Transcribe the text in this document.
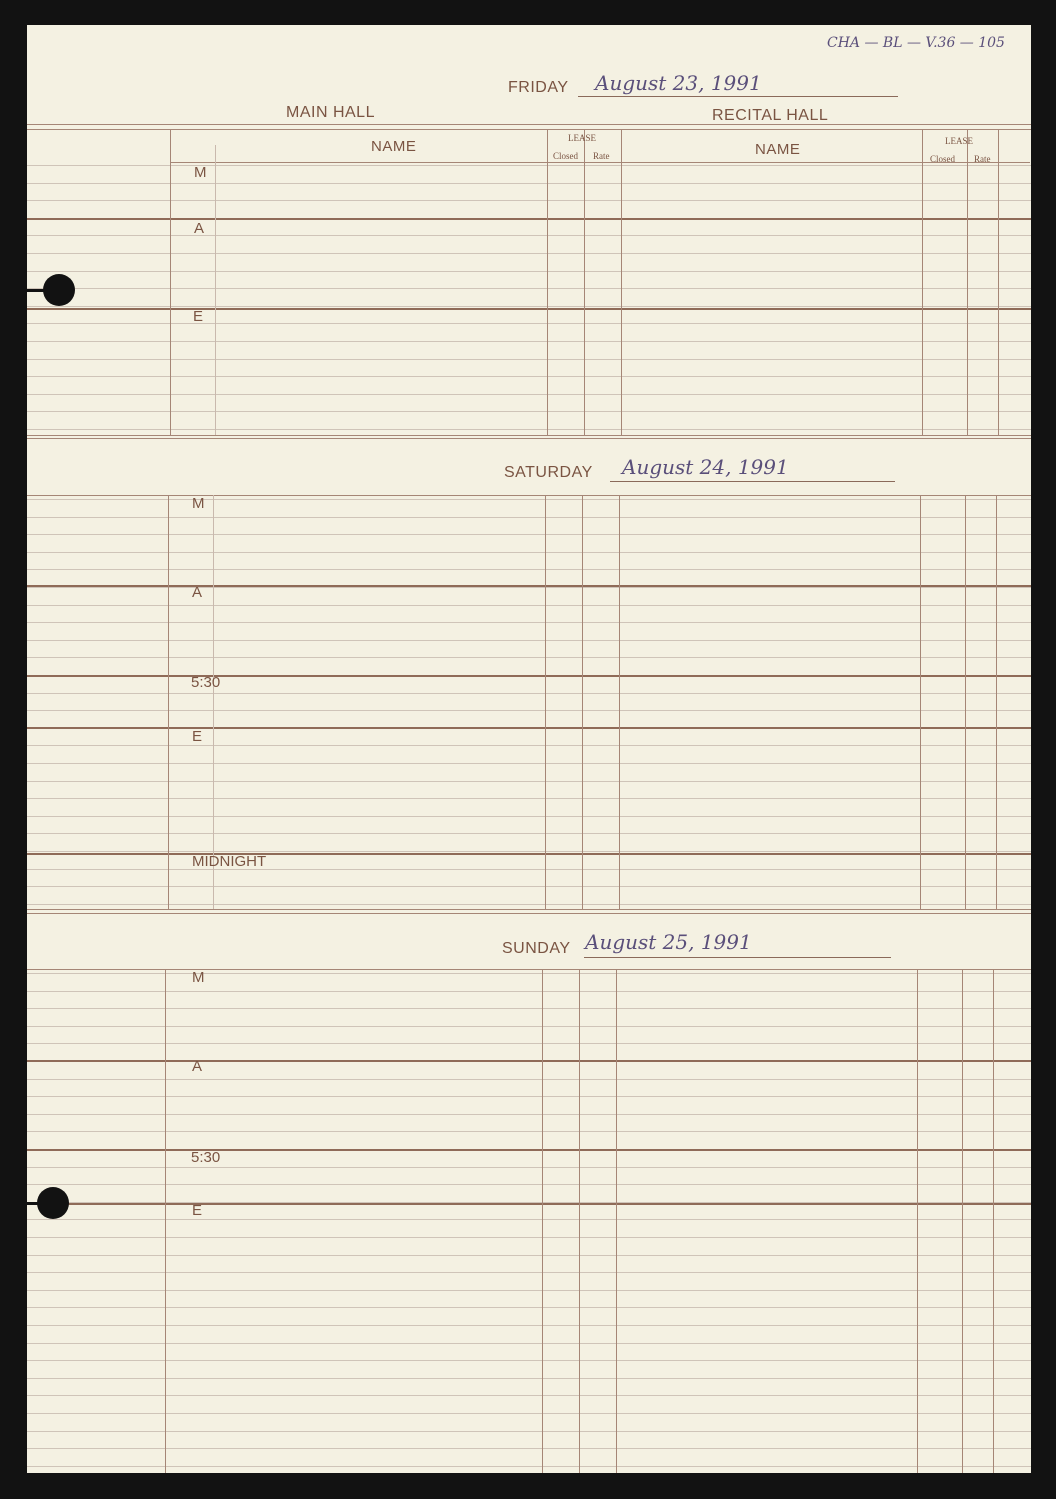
CHA — BL — V.36 — 105
FRIDAY August 23, 1991
MAIN HALL	RECITAL HALL
NAME	NAME
LEASE
Closed Rate
LEASE
Closed Rate
M
A
E
SATURDAY August 24, 1991
M
A
5:30
E
MIDNIGHT
SUNDAY August 25, 1991
M
A
5:30
E
